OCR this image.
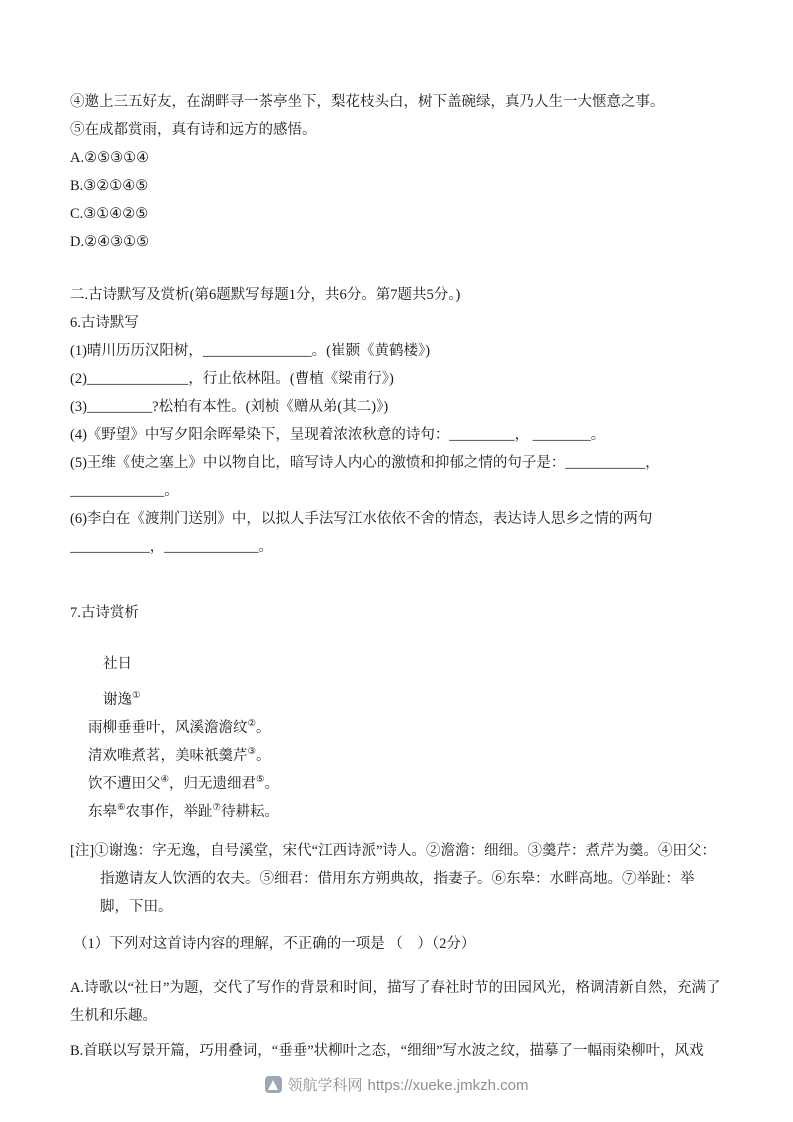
④邀上三五好友，在湖畔寻一茶亭坐下，梨花枝头白，树下盖碗绿，真乃人生一大惬意之事。

⑤在成都赏雨，真有诗和远方的感悟。

A.②⑤③①④

B.③②①④⑤

C.③①④②⑤

D.②④③①⑤

二.古诗默写及赏析(第6题默写每题1分，共6分。第7题共5分。)

6.古诗默写

(1)晴川历历汉阳树，_______________。(崔颢《黄鹤楼》)

(2)______________，行止依林阻。(曹植《梁甫行》)

(3)_________?松柏有本性。(刘桢《赠从弟(其二)》)

(4)《野望》中写夕阳余晖晕染下，呈现着浓浓秋意的诗句：_________， ________。

(5)王维《使之塞上》中以物自比，暗写诗人内心的激愤和抑郁之情的句子是：___________，_____________。

(6)李白在《渡荆门送别》中，以拟人手法写江水依依不舍的情态，表达诗人思乡之情的两句___________，_____________。

7.古诗赏析

社日

谢逸①

雨柳垂垂叶，风溪澹澹纹②。

清欢唯煮茗，美味祇羹芹③。

饮不遭田父④，归无遗细君⑤。

东皋⑥农事作，举趾⑦待耕耘。

[注]①谢逸：字无逸，自号溪堂，宋代“江西诗派”诗人。②澹澹：细细。③羹芹：煮芹为羹。④田父：指邀请友人饮酒的农夫。⑤细君：借用东方朔典故，指妻子。⑥东皋：水畔高地。⑦举趾：举脚，下田。

（1）下列对这首诗内容的理解，不正确的一项是 （　）（2分）

A.诗歌以“社日”为题，交代了写作的背景和时间，描写了春社时节的田园风光，格调清新自然，充满了生机和乐趣。

B.首联以写景开篇，巧用叠词，“垂垂”状柳叶之态，“细细”写水波之纹，描摹了一幅雨染柳叶，风戏

领航学科网 https://xueke.jmkzh.com
